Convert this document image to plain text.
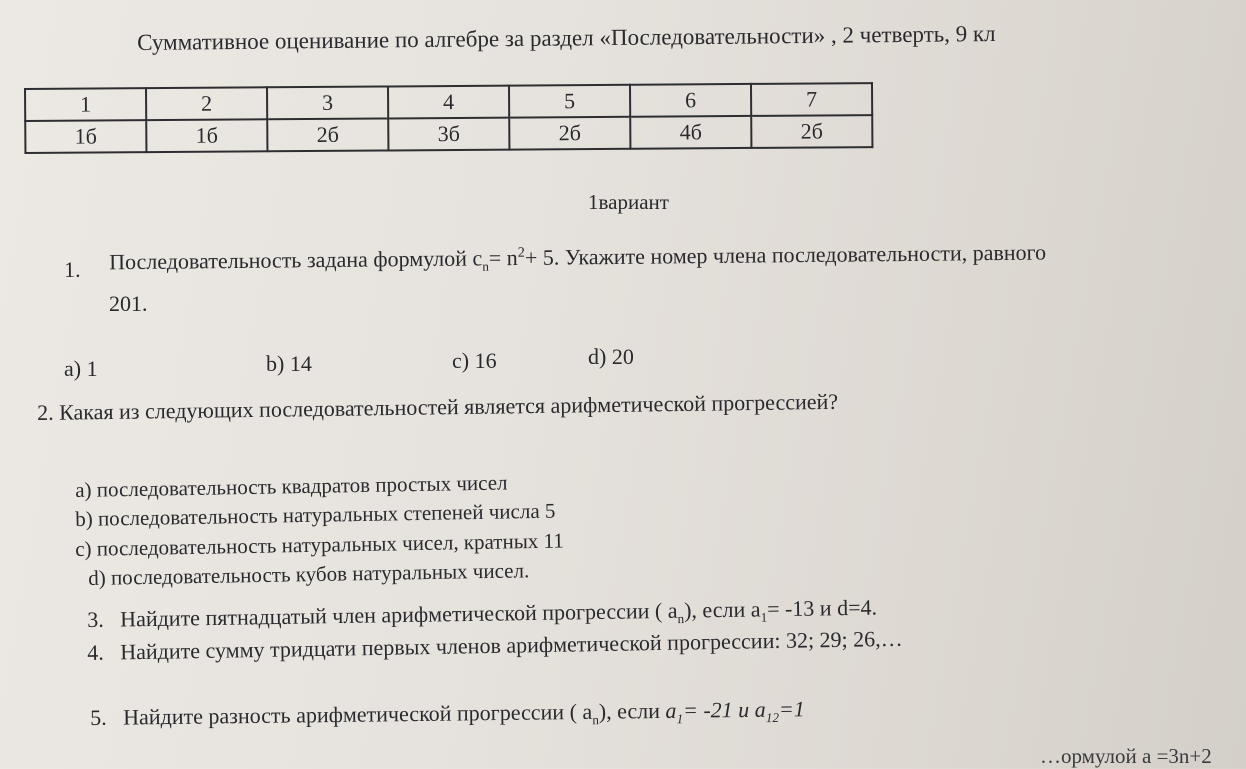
Суммативное оценивание по алгебре за раздел «Последовательности» , 2 четверть, 9 кл
1	2	3	4	5	6	7
1б	1б	2б	3б	2б	4б	2б
1вариант
1. Последовательность задана формулой $c_n= n^2+ 5$. Укажите номер члена последовательности, равного
201.
a) 1	b) 14	c) 16	d) 20
2. Какая из следующих последовательностей является арифметической прогрессией?
a) последовательность квадратов простых чисел
b) последовательность натуральных степеней числа 5
c) последовательность натуральных чисел, кратных 11
d) последовательность кубов натуральных чисел.
3. Найдите пятнадцатый член арифметической прогрессии ( $a_n$), если $a_1= -13$ и d=4.
4. Найдите сумму тридцати первых членов арифметической прогрессии: 32; 29; 26,…
5. Найдите разность арифметической прогрессии ( $a_n$), если $a_1= -21$ и $a_{12}=1$
…ормулой a =3n+2
